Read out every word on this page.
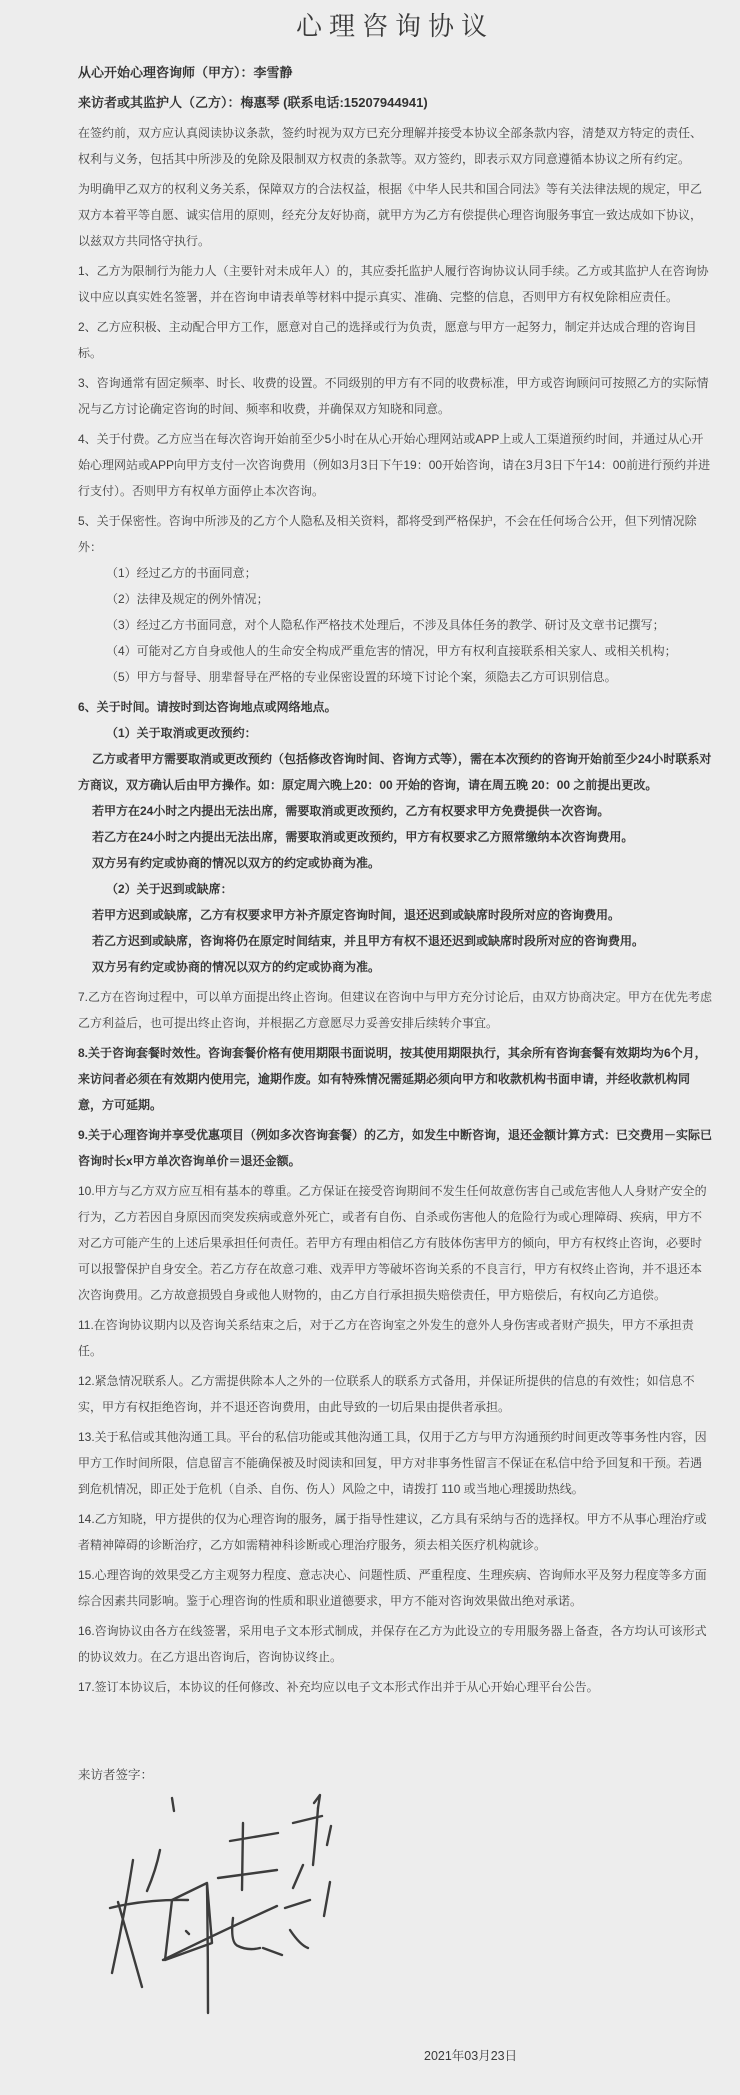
心理咨询协议

从心开始心理咨询师（甲方）：李雪静

来访者或其监护人（乙方）：梅惠琴 (联系电话:15207944941)

在签约前，双方应认真阅读协议条款，签约时视为双方已充分理解并接受本协议全部条款内容，清楚双方特定的责任、权利与义务，包括其中所涉及的免除及限制双方权责的条款等。双方签约，即表示双方同意遵循本协议之所有约定。

为明确甲乙双方的权利义务关系，保障双方的合法权益，根据《中华人民共和国合同法》等有关法律法规的规定，甲乙双方本着平等自愿、诚实信用的原则，经充分友好协商，就甲方为乙方有偿提供心理咨询服务事宜一致达成如下协议，以兹双方共同恪守执行。

1、乙方为限制行为能力人（主要针对未成年人）的，其应委托监护人履行咨询协议认同手续。乙方或其监护人在咨询协议中应以真实姓名签署，并在咨询申请表单等材料中提示真实、准确、完整的信息，否则甲方有权免除相应责任。

2、乙方应积极、主动配合甲方工作，愿意对自己的选择或行为负责，愿意与甲方一起努力，制定并达成合理的咨询目标。

3、咨询通常有固定频率、时长、收费的设置。不同级别的甲方有不同的收费标准，甲方或咨询顾问可按照乙方的实际情况与乙方讨论确定咨询的时间、频率和收费，并确保双方知晓和同意。

4、关于付费。乙方应当在每次咨询开始前至少5小时在从心开始心理网站或APP上或人工渠道预约时间，并通过从心开始心理网站或APP向甲方支付一次咨询费用（例如3月3日下午19：00开始咨询，请在3月3日下午14：00前进行预约并进行支付）。否则甲方有权单方面停止本次咨询。

5、关于保密性。咨询中所涉及的乙方个人隐私及相关资料，都将受到严格保护，不会在任何场合公开，但下列情况除外：

（1）经过乙方的书面同意；

（2）法律及规定的例外情况；

（3）经过乙方书面同意，对个人隐私作严格技术处理后，不涉及具体任务的教学、研讨及文章书记撰写；

（4）可能对乙方自身或他人的生命安全构成严重危害的情况，甲方有权利直接联系相关家人、或相关机构；

（5）甲方与督导、朋辈督导在严格的专业保密设置的环境下讨论个案，须隐去乙方可识别信息。

6、关于时间。请按时到达咨询地点或网络地点。

（1）关于取消或更改预约：

乙方或者甲方需要取消或更改预约（包括修改咨询时间、咨询方式等），需在本次预约的咨询开始前至少24小时联系对方商议，双方确认后由甲方操作。如：原定周六晚上20：00 开始的咨询，请在周五晚 20：00 之前提出更改。

若甲方在24小时之内提出无法出席，需要取消或更改预约，乙方有权要求甲方免费提供一次咨询。

若乙方在24小时之内提出无法出席，需要取消或更改预约，甲方有权要求乙方照常缴纳本次咨询费用。

双方另有约定或协商的情况以双方的约定或协商为准。

（2）关于迟到或缺席：

若甲方迟到或缺席，乙方有权要求甲方补齐原定咨询时间，退还迟到或缺席时段所对应的咨询费用。

若乙方迟到或缺席，咨询将仍在原定时间结束，并且甲方有权不退还迟到或缺席时段所对应的咨询费用。

双方另有约定或协商的情况以双方的约定或协商为准。

7.乙方在咨询过程中，可以单方面提出终止咨询。但建议在咨询中与甲方充分讨论后，由双方协商决定。甲方在优先考虑乙方利益后，也可提出终止咨询，并根据乙方意愿尽力妥善安排后续转介事宜。

8.关于咨询套餐时效性。咨询套餐价格有使用期限书面说明，按其使用期限执行，其余所有咨询套餐有效期均为6个月，来访问者必须在有效期内使用完，逾期作废。如有特殊情况需延期必须向甲方和收款机构书面申请，并经收款机构同意，方可延期。

9.关于心理咨询并享受优惠项目（例如多次咨询套餐）的乙方，如发生中断咨询，退还金额计算方式：已交费用－实际已咨询时长x甲方单次咨询单价＝退还金额。

10.甲方与乙方双方应互相有基本的尊重。乙方保证在接受咨询期间不发生任何故意伤害自己或危害他人人身财产安全的行为，乙方若因自身原因而突发疾病或意外死亡，或者有自伤、自杀或伤害他人的危险行为或心理障碍、疾病，甲方不对乙方可能产生的上述后果承担任何责任。若甲方有理由相信乙方有肢体伤害甲方的倾向，甲方有权终止咨询，必要时可以报警保护自身安全。若乙方存在故意刁难、戏弄甲方等破坏咨询关系的不良言行，甲方有权终止咨询，并不退还本次咨询费用。乙方故意损毁自身或他人财物的，由乙方自行承担损失赔偿责任，甲方赔偿后，有权向乙方追偿。

11.在咨询协议期内以及咨询关系结束之后，对于乙方在咨询室之外发生的意外人身伤害或者财产损失，甲方不承担责任。

12.紧急情况联系人。乙方需提供除本人之外的一位联系人的联系方式备用，并保证所提供的信息的有效性；如信息不实，甲方有权拒绝咨询，并不退还咨询费用，由此导致的一切后果由提供者承担。

13.关于私信或其他沟通工具。平台的私信功能或其他沟通工具，仅用于乙方与甲方沟通预约时间更改等事务性内容，因甲方工作时间所限，信息留言不能确保被及时阅读和回复，甲方对非事务性留言不保证在私信中给予回复和干预。若遇到危机情况，即正处于危机（自杀、自伤、伤人）风险之中，请拨打 110 或当地心理援助热线。

14.乙方知晓，甲方提供的仅为心理咨询的服务，属于指导性建议，乙方具有采纳与否的选择权。甲方不从事心理治疗或者精神障碍的诊断治疗，乙方如需精神科诊断或心理治疗服务，须去相关医疗机构就诊。

15.心理咨询的效果受乙方主观努力程度、意志决心、问题性质、严重程度、生理疾病、咨询师水平及努力程度等多方面综合因素共同影响。鉴于心理咨询的性质和职业道德要求，甲方不能对咨询效果做出绝对承诺。

16.咨询协议由各方在线签署，采用电子文本形式制成，并保存在乙方为此设立的专用服务器上备查，各方均认可该形式的协议效力。在乙方退出咨询后，咨询协议终止。

17.签订本协议后，本协议的任何修改、补充均应以电子文本形式作出并于从心开始心理平台公告。

来访者签字：

2021年03月23日
